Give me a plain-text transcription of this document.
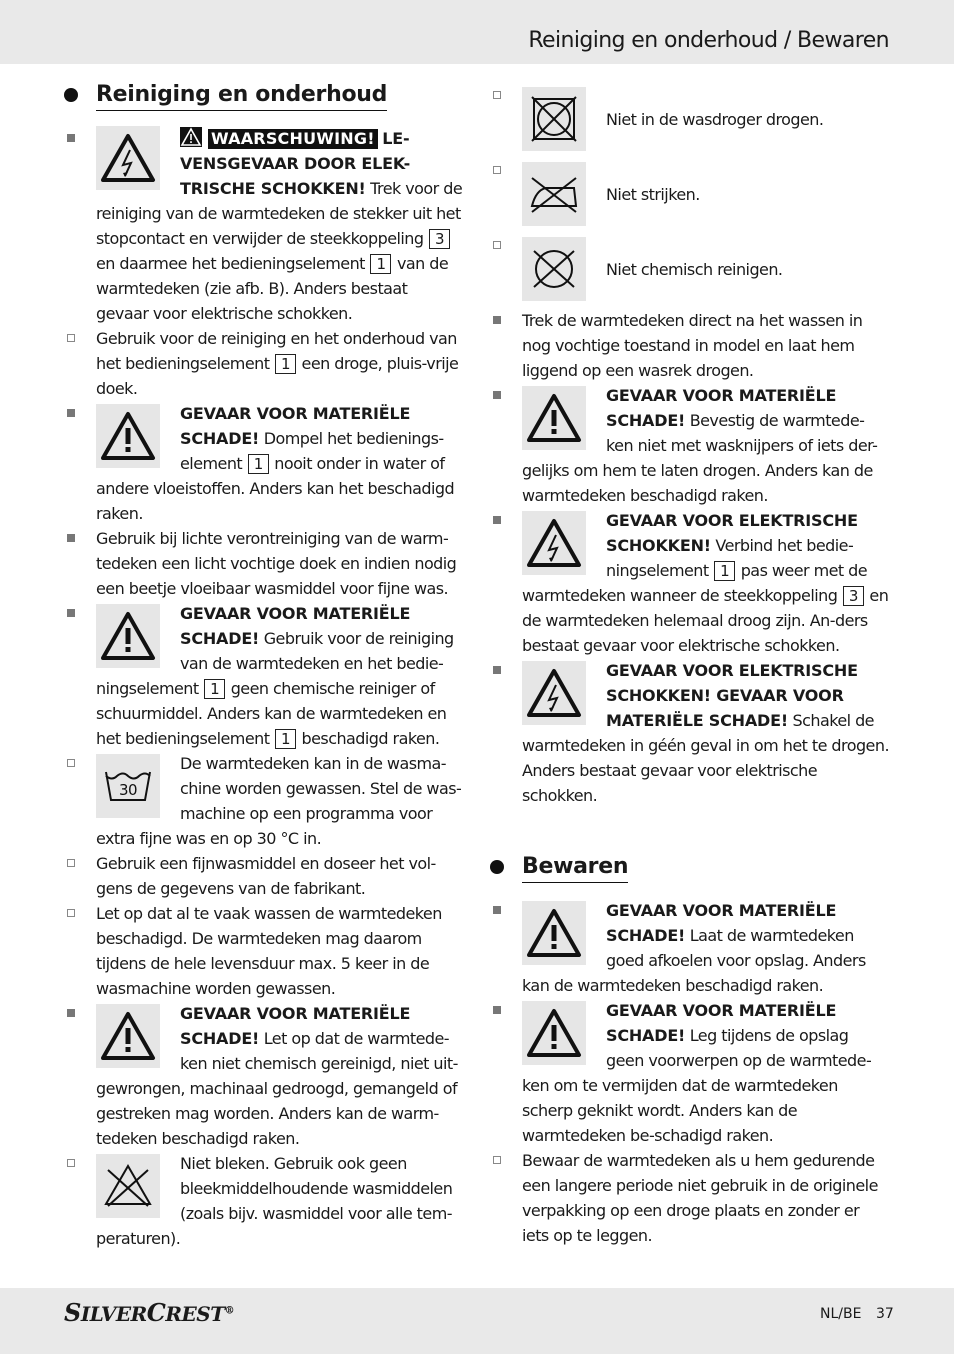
Reiniging en onderhoud / Bewaren
Reiniging en onderhoud
WAARSCHUWING! LE-VENSGEVAAR DOOR ELEK-TRISCHE SCHOKKEN! Trek voor de reiniging van de warmtedeken de stekker uit het stopcontact en verwijder de steekkoppeling 3 en daarmee het bedieningselement 1 van de warmtedeken (zie afb. B). Anders bestaat gevaar voor elektrische schokken.
Gebruik voor de reiniging en het onderhoud van het bedieningselement 1 een droge, pluis-vrije doek.
GEVAAR VOOR MATERIËLE SCHADE! Dompel het bedienings-element 1 nooit onder in water of andere vloeistoffen. Anders kan het beschadigd raken.
Gebruik bij lichte verontreiniging van de warm-tedeken een licht vochtige doek en indien nodig een beetje vloeibaar wasmiddel voor fijne was.
GEVAAR VOOR MATERIËLE SCHADE! Gebruik voor de reiniging van de warmtedeken en het bedie-ningselement 1 geen chemische reiniger of schuurmiddel. Anders kan de warmtedeken en het bedieningselement 1 beschadigd raken.
30
De warmtedeken kan in de wasma-chine worden gewassen. Stel de was-machine op een programma voor extra fijne was en op 30 °C in.
Gebruik een fijnwasmiddel en doseer het vol-gens de gegevens van de fabrikant.
Let op dat al te vaak wassen de warmtedeken beschadigd. De warmtedeken mag daarom tijdens de hele levensduur max. 5 keer in de wasmachine worden gewassen.
GEVAAR VOOR MATERIËLE SCHADE! Let op dat de warmtede-ken niet chemisch gereinigd, niet uit-gewrongen, machinaal gedroogd, gemangeld of gestreken mag worden. Anders kan de warm-tedeken beschadigd raken.
Niet bleken. Gebruik ook geen bleekmiddelhoudende wasmiddelen (zoals bijv. wasmiddel voor alle tem-peraturen).
Niet in de wasdroger drogen.
Niet strijken.
Niet chemisch reinigen.
Trek de warmtedeken direct na het wassen in nog vochtige toestand in model en laat hem liggend op een wasrek drogen.
GEVAAR VOOR MATERIËLE SCHADE! Bevestig de warmtede-ken niet met wasknijpers of iets der-gelijks om hem te laten drogen. Anders kan de warmtedeken beschadigd raken.
GEVAAR VOOR ELEKTRISCHE SCHOKKEN! Verbind het bedie-ningselement 1 pas weer met de warmtedeken wanneer de steekkoppeling 3 en de warmtedeken helemaal droog zijn. An-ders bestaat gevaar voor elektrische schokken.
GEVAAR VOOR ELEKTRISCHE SCHOKKEN! GEVAAR VOOR MATERIËLE SCHADE! Schakel de warmtedeken in géén geval in om het te drogen. Anders bestaat gevaar voor elektrische schokken.
Bewaren
GEVAAR VOOR MATERIËLE SCHADE! Laat de warmtedeken goed afkoelen voor opslag. Anders kan de warmtedeken beschadigd raken.
GEVAAR VOOR MATERIËLE SCHADE! Leg tijdens de opslag geen voorwerpen op de warmtede-ken om te vermijden dat de warmtedeken scherp geknikt wordt. Anders kan de warmtedeken be-schadigd raken.
Bewaar de warmtedeken als u hem gedurende een langere periode niet gebruik in de originele verpakking op een droge plaats en zonder er iets op te leggen.
SILVERCREST®	NL/BE 37
